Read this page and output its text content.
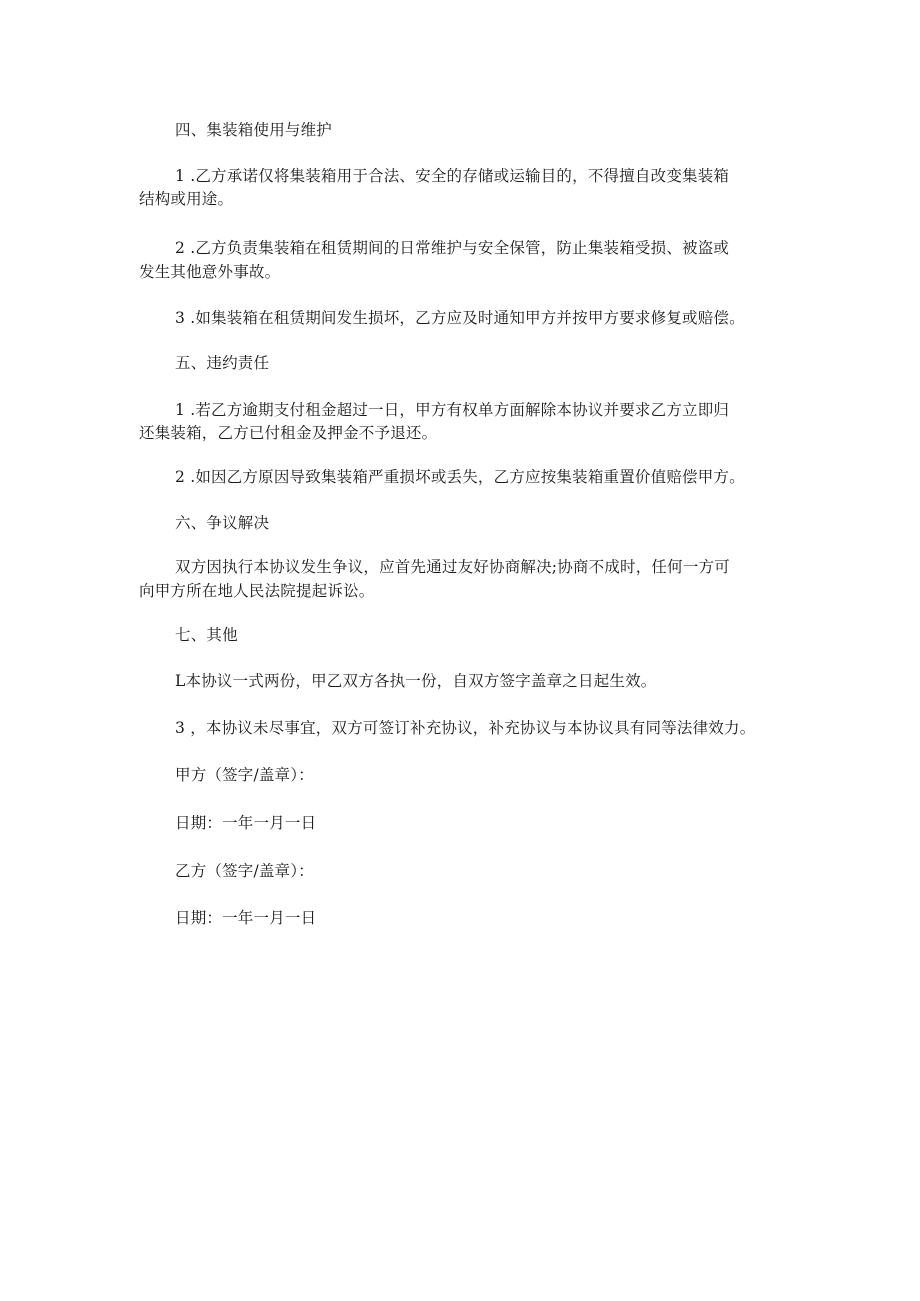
四、集装箱使用与维护
1 .乙方承诺仅将集装箱用于合法、安全的存储或运输目的，不得擅自改变集装箱
结构或用途。
2 .乙方负责集装箱在租赁期间的日常维护与安全保管，防止集装箱受损、被盗或
发生其他意外事故。
3 .如集装箱在租赁期间发生损坏，乙方应及时通知甲方并按甲方要求修复或赔偿。
五、违约责任
1 .若乙方逾期支付租金超过一日，甲方有权单方面解除本协议并要求乙方立即归
还集装箱，乙方已付租金及押金不予退还。
2 .如因乙方原因导致集装箱严重损坏或丢失，乙方应按集装箱重置价值赔偿甲方。
六、争议解决
双方因执行本协议发生争议，应首先通过友好协商解决;协商不成时，任何一方可
向甲方所在地人民法院提起诉讼。
七、其他
L本协议一式两份，甲乙双方各执一份，自双方签字盖章之日起生效。
3 ，本协议未尽事宜，双方可签订补充协议，补充协议与本协议具有同等法律效力。
甲方（签字/盖章）：
日期：一年一月一日
乙方（签字/盖章）：
日期：一年一月一日
